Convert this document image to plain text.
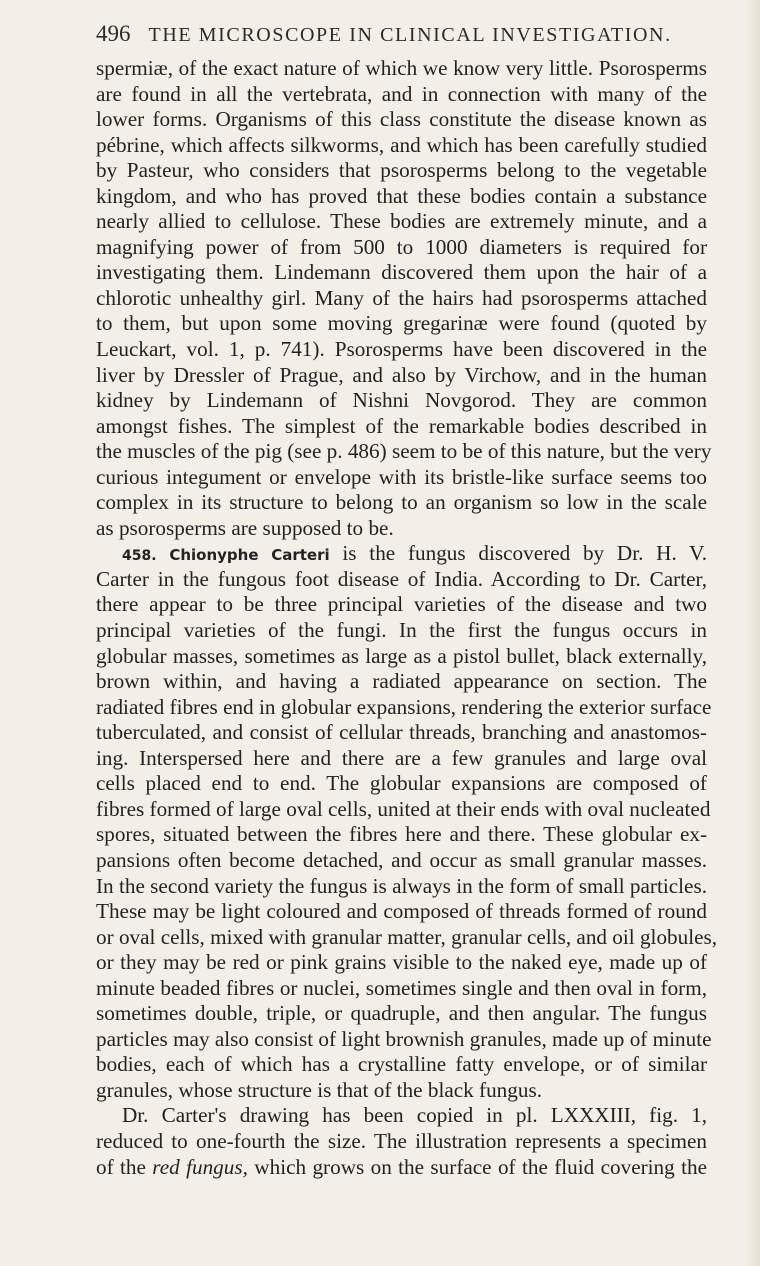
496 THE MICROSCOPE IN CLINICAL INVESTIGATION.
spermiæ, of the exact nature of which we know very little. Psorosperms
are found in all the vertebrata, and in connection with many of the
lower forms. Organisms of this class constitute the disease known as
pébrine, which affects silkworms, and which has been carefully studied
by Pasteur, who considers that psorosperms belong to the vegetable
kingdom, and who has proved that these bodies contain a substance
nearly allied to cellulose. These bodies are extremely minute, and a
magnifying power of from 500 to 1000 diameters is required for
investigating them. Lindemann discovered them upon the hair of a
chlorotic unhealthy girl. Many of the hairs had psorosperms attached
to them, but upon some moving gregarinæ were found (quoted by
Leuckart, vol. 1, p. 741). Psorosperms have been discovered in the
liver by Dressler of Prague, and also by Virchow, and in the human
kidney by Lindemann of Nishni Novgorod. They are common
amongst fishes. The simplest of the remarkable bodies described in
the muscles of the pig (see p. 486) seem to be of this nature, but the very
curious integument or envelope with its bristle-like surface seems too
complex in its structure to belong to an organism so low in the scale
as psorosperms are supposed to be.
458. Chionyphe Carteri is the fungus discovered by Dr. H. V.
Carter in the fungous foot disease of India. According to Dr. Carter,
there appear to be three principal varieties of the disease and two
principal varieties of the fungi. In the first the fungus occurs in
globular masses, sometimes as large as a pistol bullet, black externally,
brown within, and having a radiated appearance on section. The
radiated fibres end in globular expansions, rendering the exterior surface
tuberculated, and consist of cellular threads, branching and anastomos-
ing. Interspersed here and there are a few granules and large oval
cells placed end to end. The globular expansions are composed of
fibres formed of large oval cells, united at their ends with oval nucleated
spores, situated between the fibres here and there. These globular ex-
pansions often become detached, and occur as small granular masses.
In the second variety the fungus is always in the form of small particles.
These may be light coloured and composed of threads formed of round
or oval cells, mixed with granular matter, granular cells, and oil globules,
or they may be red or pink grains visible to the naked eye, made up of
minute beaded fibres or nuclei, sometimes single and then oval in form,
sometimes double, triple, or quadruple, and then angular. The fungus
particles may also consist of light brownish granules, made up of minute
bodies, each of which has a crystalline fatty envelope, or of similar
granules, whose structure is that of the black fungus.
Dr. Carter's drawing has been copied in pl. LXXXIII, fig. 1,
reduced to one-fourth the size. The illustration represents a specimen
of the red fungus, which grows on the surface of the fluid covering the
